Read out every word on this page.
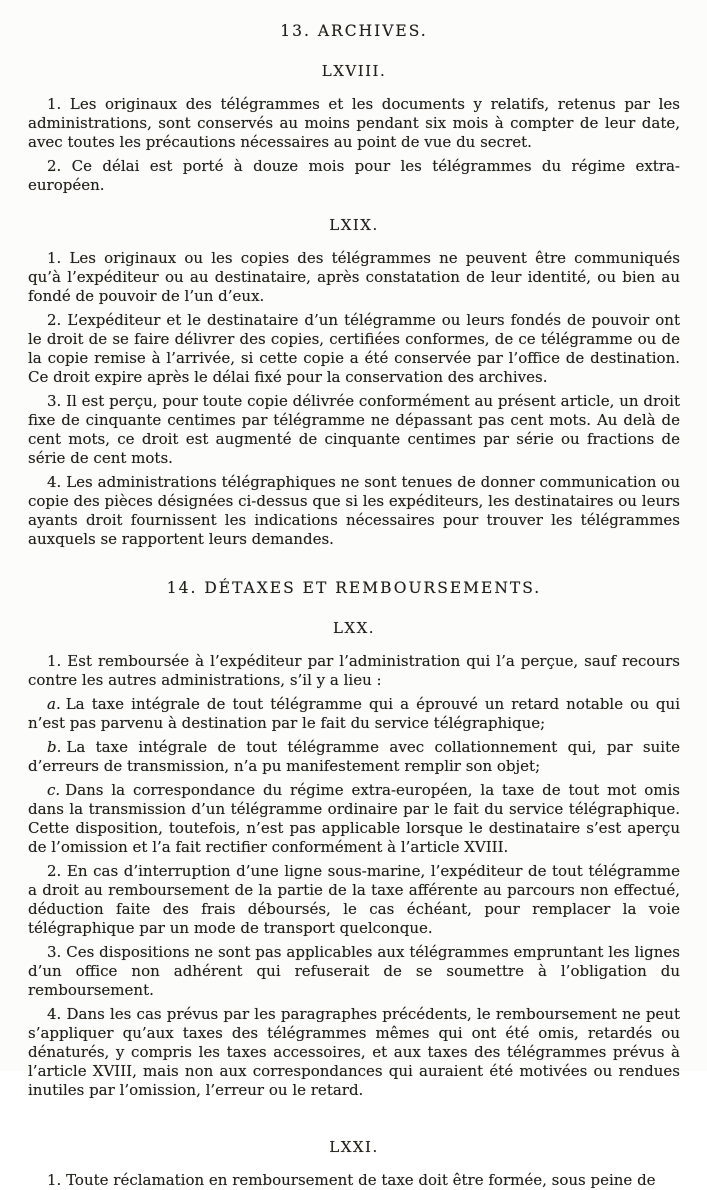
13. ARCHIVES.
LXVIII.

1. Les originaux des télégrammes et les documents y relatifs, retenus par les administrations, sont conservés au moins pendant six mois à compter de leur date, avec toutes les précautions nécessaires au point de vue du secret.

2. Ce délai est porté à douze mois pour les télégrammes du régime extra-européen.

LXIX.

1. Les originaux ou les copies des télégrammes ne peuvent être communiqués qu’à l’expéditeur ou au destinataire, après constatation de leur identité, ou bien au fondé de pouvoir de l’un d’eux.

2. L’expéditeur et le destinataire d’un télégramme ou leurs fondés de pouvoir ont le droit de se faire délivrer des copies, certifiées conformes, de ce télégramme ou de la copie remise à l’arrivée, si cette copie a été conservée par l’office de destination. Ce droit expire après le délai fixé pour la conservation des archives.

3. Il est perçu, pour toute copie délivrée conformément au présent article, un droit fixe de cinquante centimes par télégramme ne dépassant pas cent mots. Au delà de cent mots, ce droit est augmenté de cinquante centimes par série ou fractions de série de cent mots.

4. Les administrations télégraphiques ne sont tenues de donner communication ou copie des pièces désignées ci-dessus que si les expéditeurs, les destinataires ou leurs ayants droit fournissent les indications nécessaires pour trouver les télégrammes auxquels se rapportent leurs demandes.

14. DÉTAXES ET REMBOURSEMENTS.
LXX.

1. Est remboursée à l’expéditeur par l’administration qui l’a perçue, sauf recours contre les autres administrations, s’il y a lieu :

a. La taxe intégrale de tout télégramme qui a éprouvé un retard notable ou qui n’est pas parvenu à destination par le fait du service télégraphique;

b. La taxe intégrale de tout télégramme avec collationnement qui, par suite d’erreurs de transmission, n’a pu manifestement remplir son objet;

c. Dans la correspondance du régime extra-européen, la taxe de tout mot omis dans la transmission d’un télégramme ordinaire par le fait du service télégraphique. Cette disposition, toutefois, n’est pas applicable lorsque le destinataire s’est aperçu de l’omission et l’a fait rectifier conformément à l’article XVIII.

2. En cas d’interruption d’une ligne sous-marine, l’expéditeur de tout télégramme a droit au remboursement de la partie de la taxe afférente au parcours non effectué, déduction faite des frais déboursés, le cas échéant, pour remplacer la voie télégraphique par un mode de transport quelconque.

3. Ces dispositions ne sont pas applicables aux télégrammes empruntant les lignes d’un office non adhérent qui refuserait de se soumettre à l’obligation du remboursement.

4. Dans les cas prévus par les paragraphes précédents, le remboursement ne peut s’appliquer qu’aux taxes des télégrammes mêmes qui ont été omis, retardés ou dénaturés, y compris les taxes accessoires, et aux taxes des télégrammes prévus à l’article XVIII, mais non aux correspondances qui auraient été motivées ou rendues inutiles par l’omission, l’erreur ou le retard.

LXXI.

1. Toute réclamation en remboursement de taxe doit être formée, sous peine de
